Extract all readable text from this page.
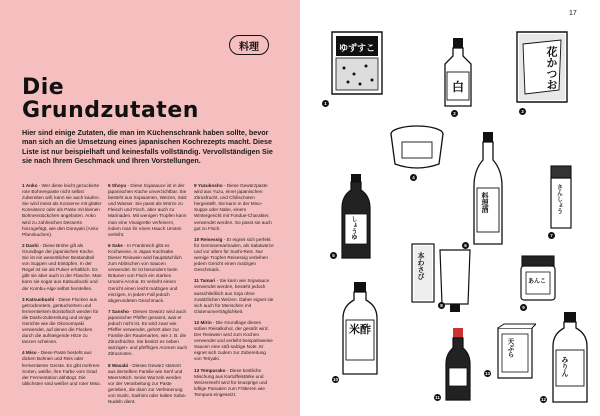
料理
Die
Grundzutaten
Hier sind einige Zutaten, die man im Küchenschrank haben sollte, bevor man sich an die Umsetzung eines japanischen Kochrezepts macht. Diese Liste ist nur beispielhaft und keinesfalls vollständig. Vervollständigen Sie sie nach Ihrem Geschmack und Ihren Vorstellungen.

1 Anko - Wer diese leicht gezuckerte rote Bohnenpaste nicht selbst zubereiten will, kann sie auch kaufen. Sie wird meist als Konserve mit glatter Konsistenz oder als Paste mit kleinen Bohnenstückchen angeboten. Anko wird zu zahlreichen Desserts hinzugefügt, wie den Dorayaki (Anko Pfannkuchen).

2 Dashi - Diese Brühe gilt als Grundlage der japanischen Küche. Sie ist ein wesentlicher Bestandteil von Suppen und Eintöpfen. In der Regel ist sie als Pulver erhältlich. Es gibt sie aber auch in der Flasche. Man kann sie sogar aus Katsuobushi und der Kombu-Alge selbst herstellen.

3 Katsuobushi - Diese Flocken aus getrocknetem, geräuchertem und fermentiertem Bonitofisch werden für die Dashi-Zubereitung und einige Gerichte wie die Okonomiyaki verwendet, auf denen die Flocken durch die aufsteigende Hitze zu tanzen scheinen.

4 Miso - Diese Paste besteht aus dicken Bohnen und Reis oder fermentierter Gerste. Es gibt mehrere Sorten, weiße, ihre Farbe vom Grad der Fermentation abhängt. Die üblichsten sind weißer und roter Miso.

5 Shoyu - Diese Sojasauce ist in der japanischen Küche unverzichtbar. Sie besteht aus Sojasamen, Weizen, Salz und Wasser. Sie passt als Würze zu Fleisch und Fisch, aber auch zu Marinaden. Mit wenigen Tropfen kann man eine Vinaigrette verfeinern, indem man ihr einen Hauch Umami verleiht.

6 Sake - In Frankreich gibt es Kochweine, in Japan Kochsake. Dieser Reiswein wird hauptsächlich zum Ablöschen von Saucen verwendet. Er ist besonders beim Bräunen von Fisch ein starkes Umami-Aroma. Er verleiht einem Gericht einen leicht malzigen und einzigen, in jedem Fall jedoch abgerundeten Geschmack.

7 Sansho - Dieses Gewürz wird auch japanischer Pfeffer genannt, was er jedoch nicht ist. Es wird zwar wie Pfeffer verwendet, gehört aber zur Familie der Rautenarten, wie z. B. die Zitrusfrüchte. Sie besitzt es neben würzigen- und pfeffrigen Aromen auch Zitrusnoten.

8 Wasabi - Dieses Gewürz stammt aus derselben Familie wie Senf und Meerrettich. Seine Wurzeln werden vor der Verarbeitung zur Paste gerieben, die dann zur Verfeinerung von Sushi, Sashimi oder kalten Soba-Nudeln dient.

9 Yuzukosho - Diese Gewürzpaste wird aus Yuzu, einer japanischen Zitrusfrucht, und Chilischoten hergestellt. Sie kann in der Miso-Suppe oder Nabe, einem Wintergericht mit Fondue-Charakter, verwendet werden. So passt sie auch gut zu Fisch.

10 Reisessig - Er eignet sich perfekt für Gemüsemarinaden, als Salatwürze und vor allem für Sushi-Reis. Nur wenige Tropfen Reisessig verleihen jedem Gericht einen malzigen Geschmack.

11 Tamari - Sie kann wie Sojasauce verwendet werden, besteht jedoch ausschließlich aus Soja ohne zusätzlichen Weizen. Daher eignet sie sich auch für Menschen mit Glutenunverträglichkeit.

12 Mirin - Die Grundlage dieses süßen Reisalkohol, der gesüßt wird. Der Reiswein wird zum Kochen verwendet und verleiht beispielsweise Saucen eine süß-salzige Note. Er eignet sich zudem zur Zubereitung von Teriyaki.

13 Tempurako - Diese köstliche Mischung aus Kartoffelstärke und Weizenmehl wird für knusprige und luftige Panaden zum Frittieren wie Tempura eingesetzt.

17
ゆずすこ
1
白
2
花かつお
3
4
しょうゆ
5
料理酒
6
さんしょう
7
本わさび
8
あんこ
9
米酢
10
11
みりん
12
天ぷら
13
